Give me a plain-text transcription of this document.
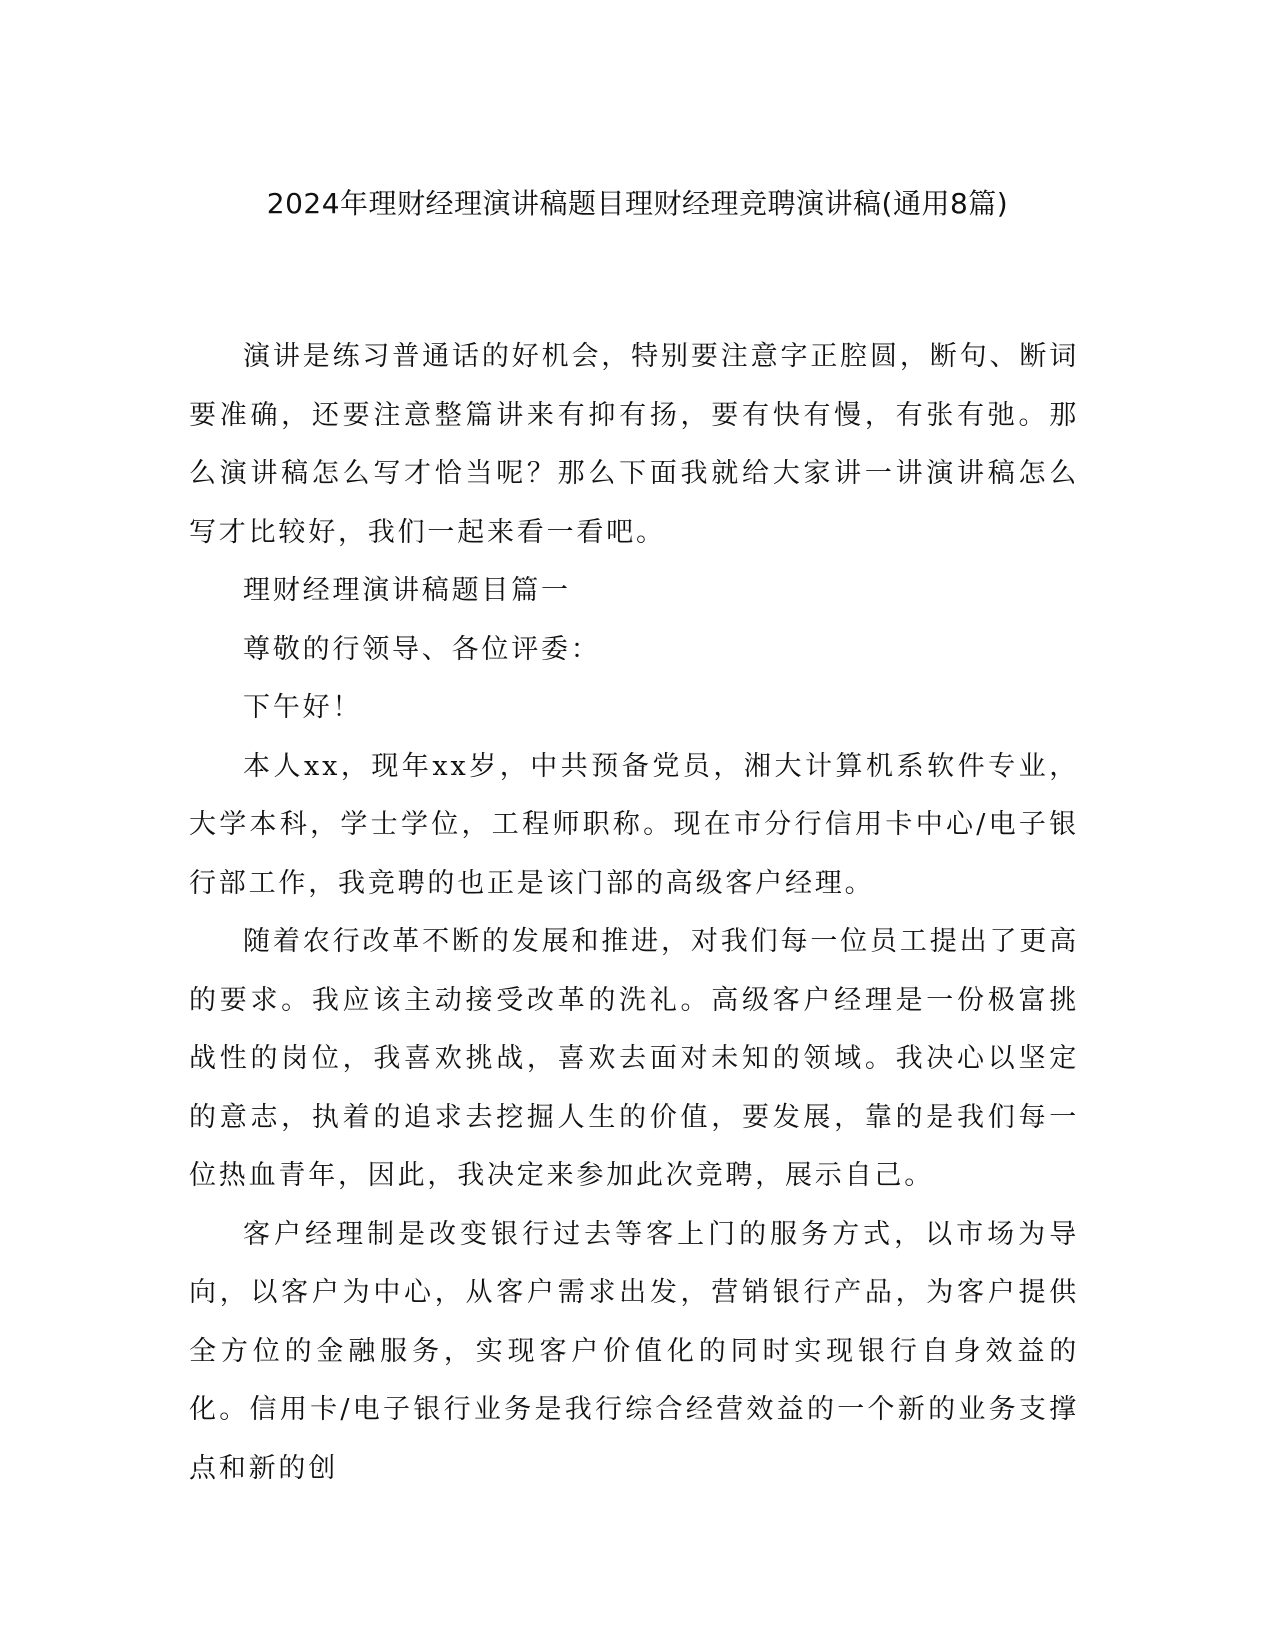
2024年理财经理演讲稿题目理财经理竞聘演讲稿(通用8篇)

演讲是练习普通话的好机会，特别要注意字正腔圆，断句、断词要准确，还要注意整篇讲来有抑有扬，要有快有慢，有张有弛。那么演讲稿怎么写才恰当呢？那么下面我就给大家讲一讲演讲稿怎么写才比较好，我们一起来看一看吧。

理财经理演讲稿题目篇一

尊敬的行领导、各位评委：

下午好！

本人xx，现年xx岁，中共预备党员，湘大计算机系软件专业，大学本科，学士学位，工程师职称。现在市分行信用卡中心/电子银行部工作，我竞聘的也正是该门部的高级客户经理。

随着农行改革不断的发展和推进，对我们每一位员工提出了更高的要求。我应该主动接受改革的洗礼。高级客户经理是一份极富挑战性的岗位，我喜欢挑战，喜欢去面对未知的领域。我决心以坚定的意志，执着的追求去挖掘人生的价值，要发展，靠的是我们每一位热血青年，因此，我决定来参加此次竞聘，展示自己。

客户经理制是改变银行过去等客上门的服务方式，以市场为导向，以客户为中心，从客户需求出发，营销银行产品，为客户提供全方位的金融服务，实现客户价值化的同时实现银行自身效益的化。信用卡/电子银行业务是我行综合经营效益的一个新的业务支撑点和新的创
